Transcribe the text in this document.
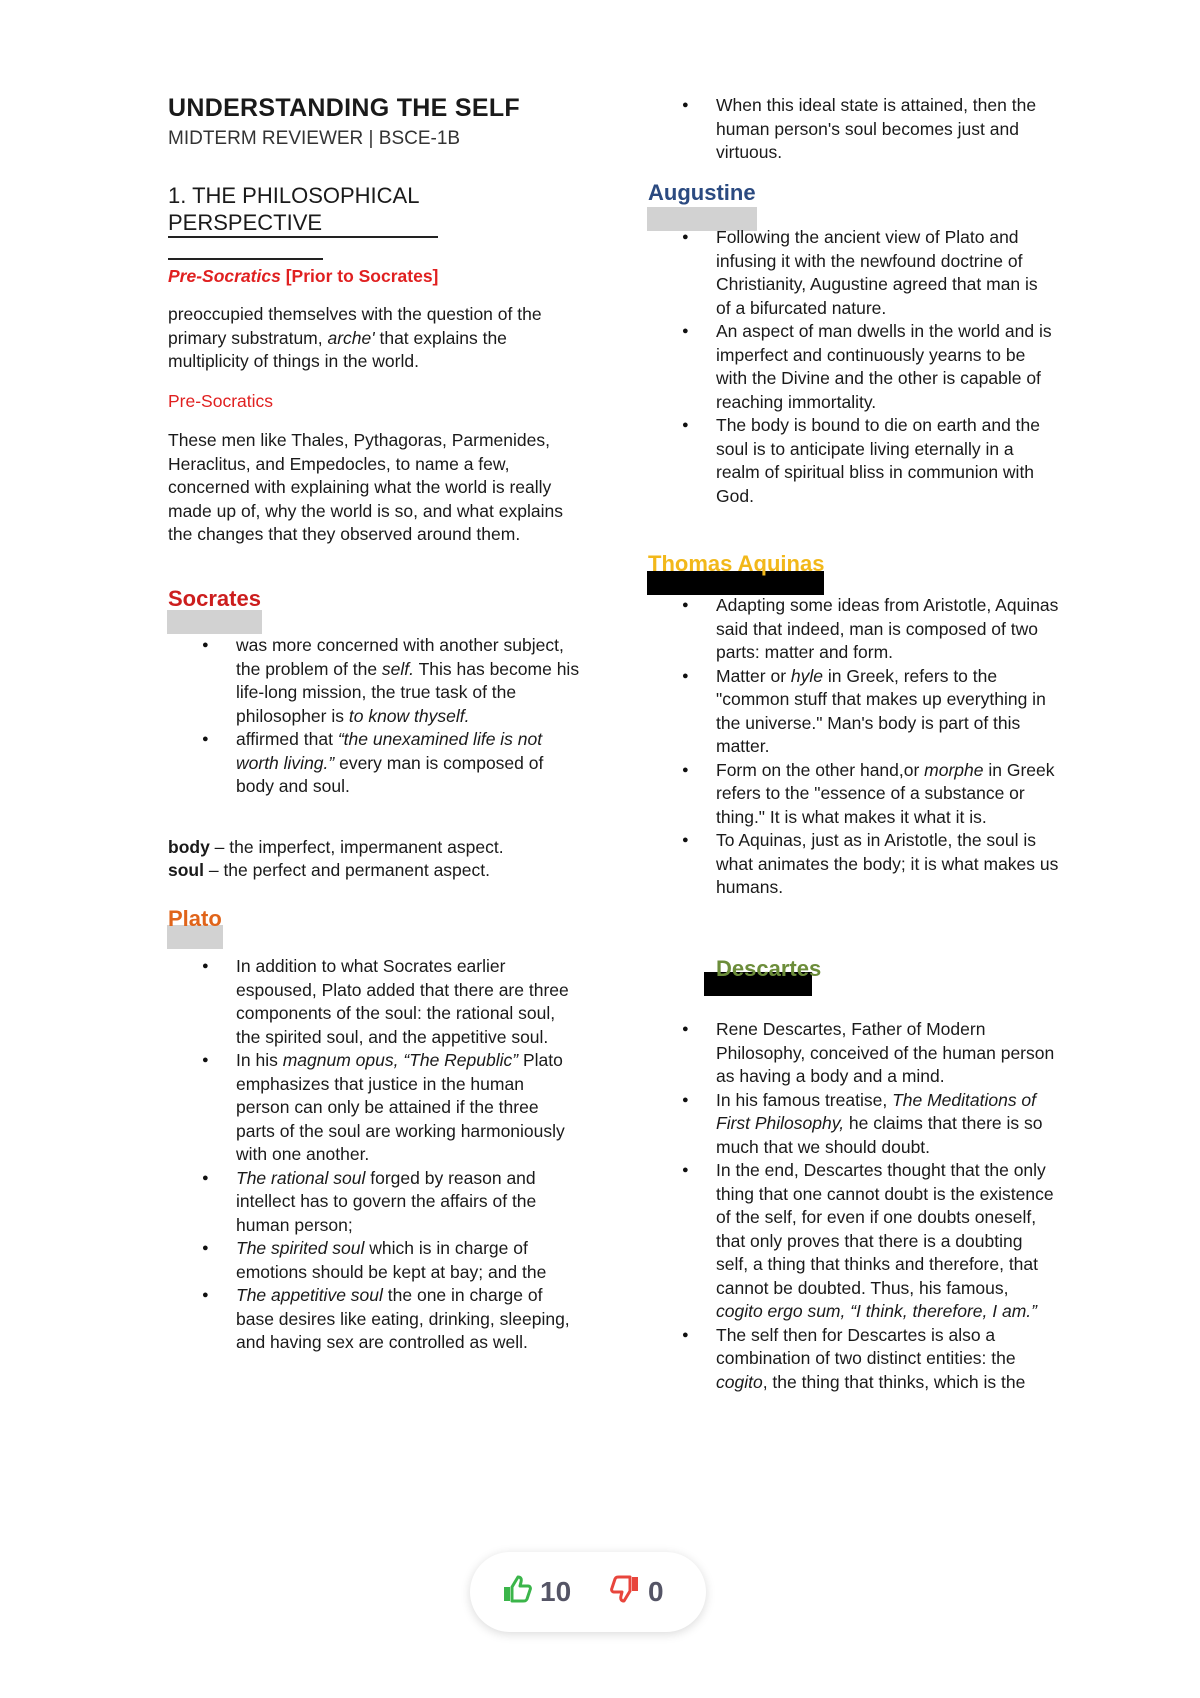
UNDERSTANDING THE SELF
MIDTERM REVIEWER | BSCE-1B
1. THE PHILOSOPHICAL PERSPECTIVE

Pre-Socratics [Prior to Socrates]

preoccupied themselves with the question of the primary substratum, arche' that explains the multiplicity of things in the world.

Pre-Socratics

These men like Thales, Pythagoras, Parmenides, Heraclitus, and Empedocles, to name a few, concerned with explaining what the world is really made up of, why the world is so, and what explains the changes that they observed around them.

Socrates
● was more concerned with another subject, the problem of the self. This has become his life-long mission, the true task of the philosopher is to know thyself.
● affirmed that “the unexamined life is not worth living.” every man is composed of body and soul.

body – the imperfect, impermanent aspect.

soul – the perfect and permanent aspect.

Plato
● In addition to what Socrates earlier espoused, Plato added that there are three components of the soul: the rational soul, the spirited soul, and the appetitive soul.
● In his magnum opus, “The Republic” Plato emphasizes that justice in the human person can only be attained if the three parts of the soul are working harmoniously with one another.
● The rational soul forged by reason and intellect has to govern the affairs of the human person;
● The spirited soul which is in charge of emotions should be kept at bay; and the
● The appetitive soul the one in charge of base desires like eating, drinking, sleeping, and having sex are controlled as well.
● When this ideal state is attained, then the human person's soul becomes just and virtuous.
Augustine
● Following the ancient view of Plato and infusing it with the newfound doctrine of Christianity, Augustine agreed that man is of a bifurcated nature.
● An aspect of man dwells in the world and is imperfect and continuously yearns to be with the Divine and the other is capable of reaching immortality.
● The body is bound to die on earth and the soul is to anticipate living eternally in a realm of spiritual bliss in communion with God.
Thomas Aquinas
● Adapting some ideas from Aristotle, Aquinas said that indeed, man is composed of two parts: matter and form.
● Matter or hyle in Greek, refers to the "common stuff that makes up everything in the universe." Man's body is part of this matter.
● Form on the other hand,or morphe in Greek refers to the "essence of a substance or thing." It is what makes it what it is.
● To Aquinas, just as in Aristotle, the soul is what animates the body; it is what makes us humans.
Descartes
● Rene Descartes, Father of Modern Philosophy, conceived of the human person as having a body and a mind.
● In his famous treatise, The Meditations of First Philosophy, he claims that there is so much that we should doubt.
● In the end, Descartes thought that the only thing that one cannot doubt is the existence of the self, for even if one doubts oneself, that only proves that there is a doubting self, a thing that thinks and therefore, that cannot be doubted. Thus, his famous, cogito ergo sum, “I think, therefore, I am.”
● The self then for Descartes is also a combination of two distinct entities: the cogito, the thing that thinks, which is the
10	0
